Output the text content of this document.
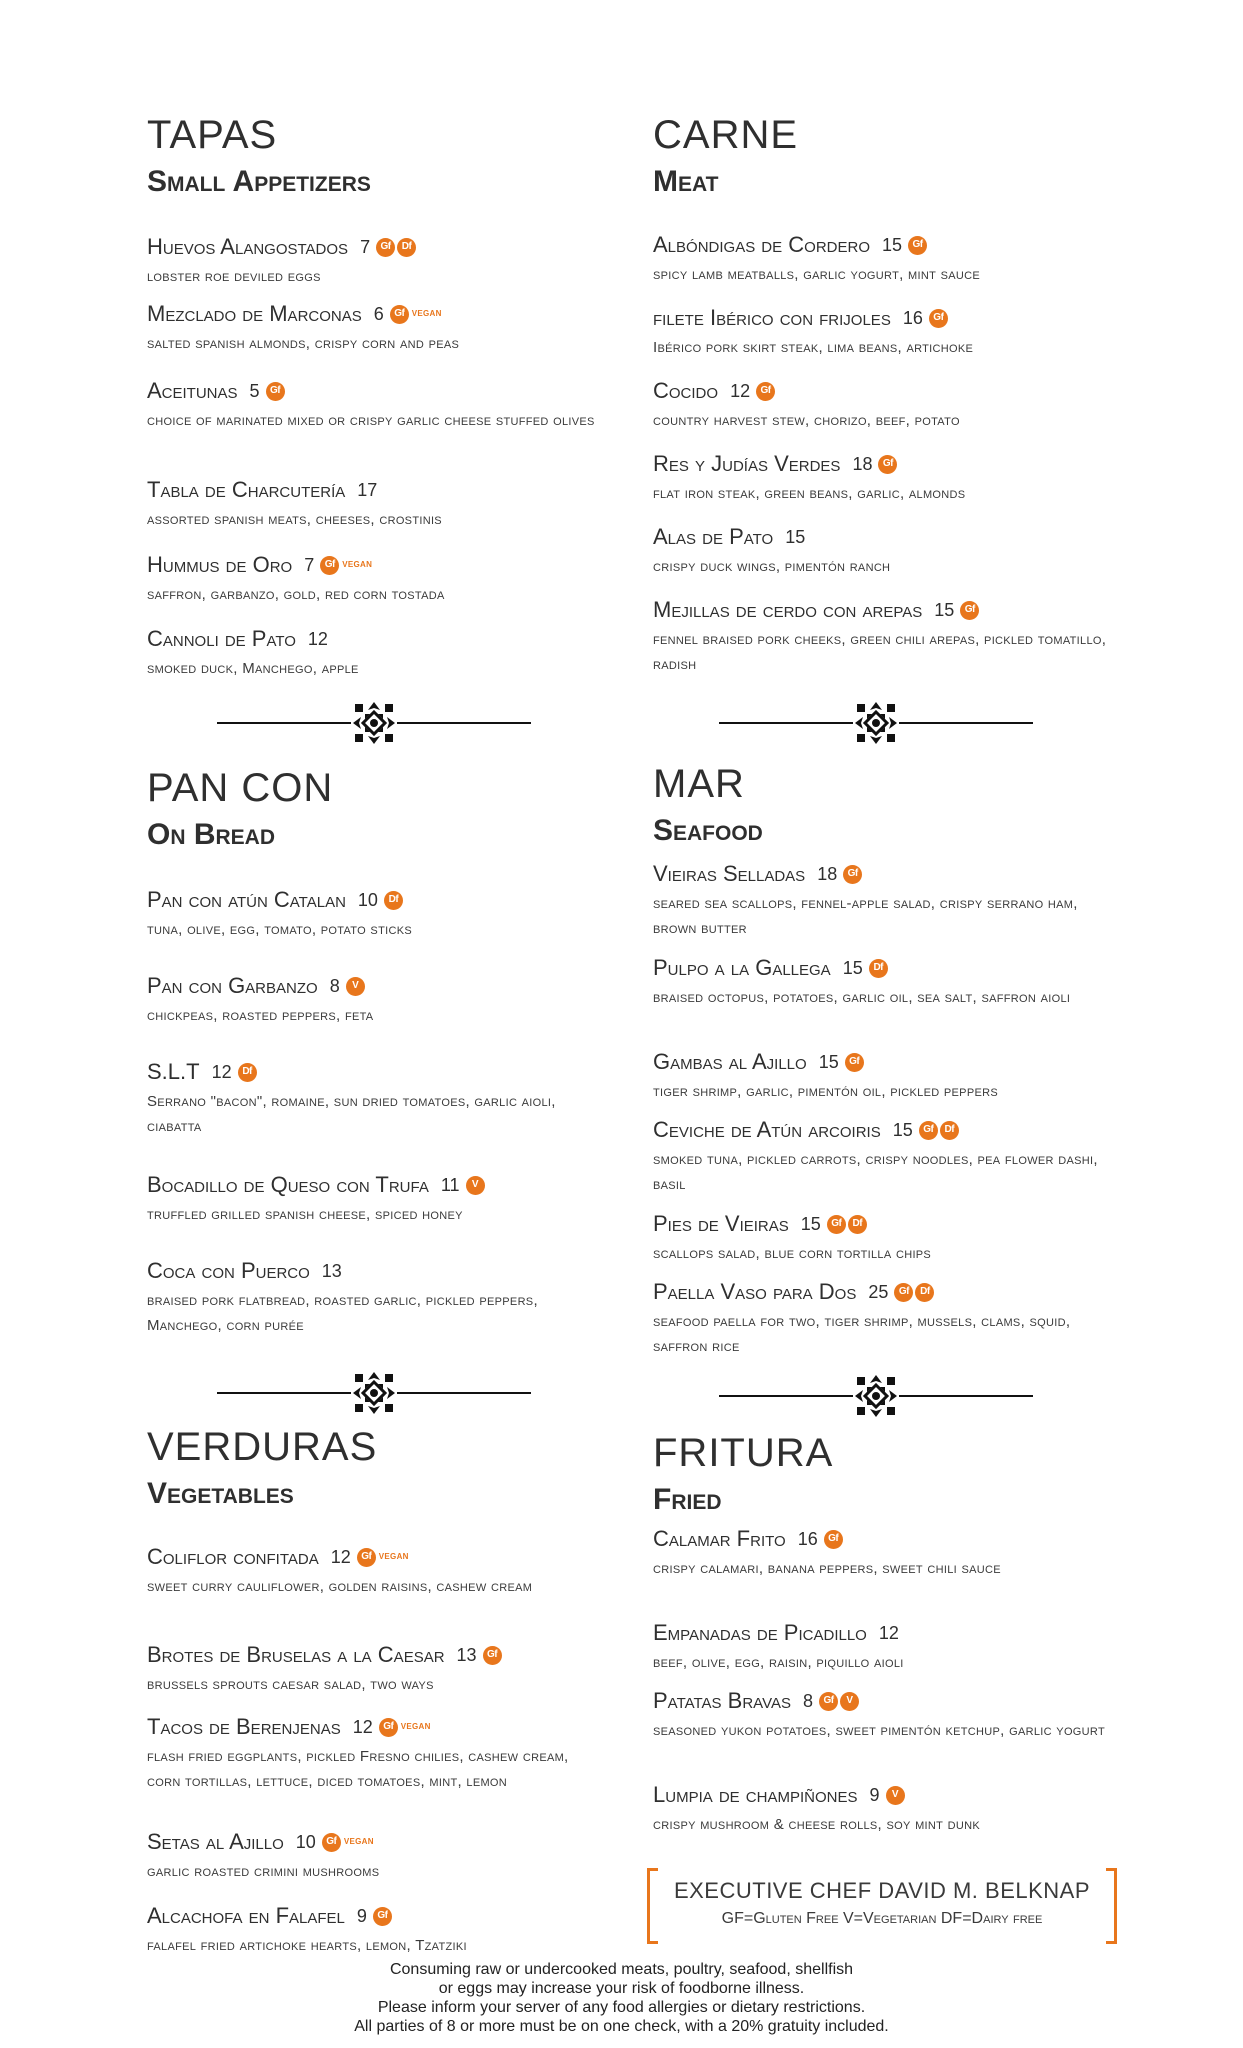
TAPAS
Small Appetizers
Huevos Alangostados 7	Gf	Df
lobster roe deviled eggs
Mezclado de Marconas 6	Gf VEGAN
salted spanish almonds, crispy corn and peas
Aceitunas 5	Gf
choice of marinated mixed or crispy garlic cheese stuffed olives
Tabla de Charcutería 17
assorted spanish meats, cheeses, crostinis
Hummus de Oro 7	Gf VEGAN
saffron, garbanzo, gold, red corn tostada
Cannoli de Pato 12
smoked duck, Manchego, apple
PAN CON
On Bread
Pan con atún Catalan 10	Df
tuna, olive, egg, tomato, potato sticks
Pan con Garbanzo 8	V
chickpeas, roasted peppers, feta
S.L.T 12	Df
Serrano "bacon", romaine, sun dried tomatoes, garlic aioli, ciabatta
Bocadillo de Queso con Trufa 11	V
truffled grilled spanish cheese, spiced honey
Coca con Puerco 13
braised pork flatbread, roasted garlic, pickled peppers, Manchego, corn purée
VERDURAS
Vegetables
Coliflor confitada 12	Gf VEGAN
sweet curry cauliflower, golden raisins, cashew cream
Brotes de Bruselas a la Caesar 13	Gf
brussels sprouts caesar salad, two ways
Tacos de Berenjenas 12	Gf VEGAN
flash fried eggplants, pickled Fresno chilies, cashew cream, corn tortillas, lettuce, diced tomatoes, mint, lemon
Setas al Ajillo 10	Gf VEGAN
garlic roasted crimini mushrooms
Alcachofa en Falafel 9	Gf
falafel fried artichoke hearts, lemon, Tzatziki
CARNE
Meat
Albóndigas de Cordero 15	Gf
spicy lamb meatballs, garlic yogurt, mint sauce
filete Ibérico con frijoles 16	Gf
Ibérico pork skirt steak, lima beans, artichoke
Cocido 12	Gf
country harvest stew, chorizo, beef, potato
Res y Judías Verdes 18	Gf
flat iron steak, green beans, garlic, almonds
Alas de Pato 15
crispy duck wings, pimentón ranch
Mejillas de cerdo con arepas 15	Gf
fennel braised pork cheeks, green chili arepas, pickled tomatillo, radish
MAR
Seafood
Vieiras Selladas 18	Gf
seared sea scallops, fennel-apple salad, crispy serrano ham, brown butter
Pulpo a la Gallega 15	Df
braised octopus, potatoes, garlic oil, sea salt, saffron aioli
Gambas al Ajillo 15	Gf
tiger shrimp, garlic, pimentón oil, pickled peppers
Ceviche de Atún arcoiris 15	Gf	Df
smoked tuna, pickled carrots, crispy noodles, pea flower dashi, basil
Pies de Vieiras 15	Gf	Df
scallops salad, blue corn tortilla chips
Paella Vaso para Dos 25	Gf	Df
seafood paella for two, tiger shrimp, mussels, clams, squid, saffron rice
FRITURA
Fried
Calamar Frito 16	Gf
crispy calamari, banana peppers, sweet chili sauce
Empanadas de Picadillo 12
beef, olive, egg, raisin, piquillo aioli
Patatas Bravas 8	Gf	V
seasoned yukon potatoes, sweet pimentón ketchup, garlic yogurt
Lumpia de champiñones 9	V
crispy mushroom & cheese rolls, soy mint dunk
EXECUTIVE CHEF DAVID M. BELKNAP
GF=Gluten Free V=Vegetarian DF=Dairy free
Consuming raw or undercooked meats, poultry, seafood, shellfish
or eggs may increase your risk of foodborne illness.
Please inform your server of any food allergies or dietary restrictions.
All parties of 8 or more must be on one check, with a 20% gratuity included.
